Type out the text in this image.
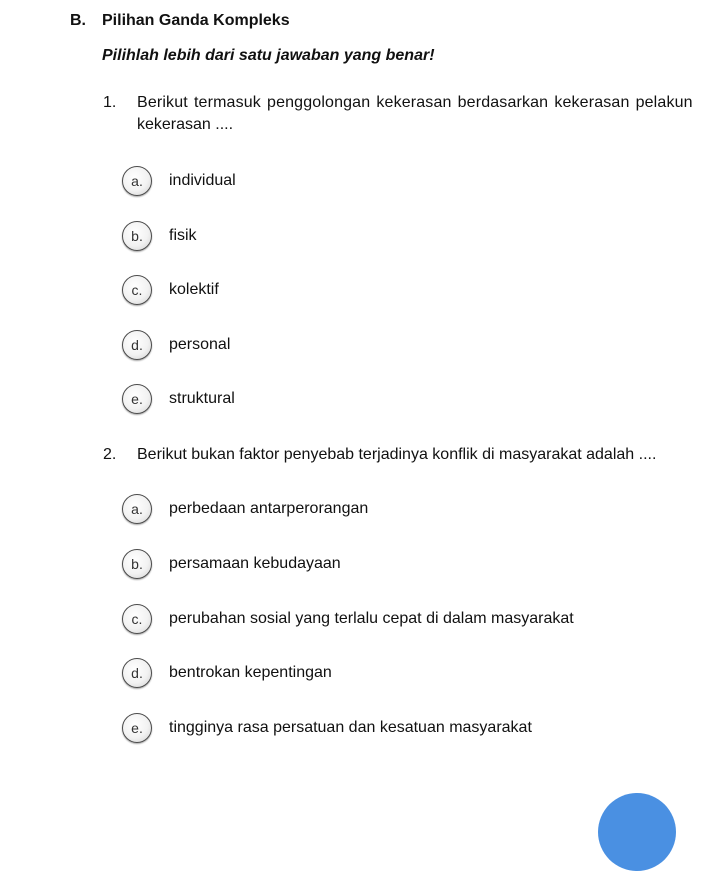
B. Pilihan Ganda Kompleks
Pilihlah lebih dari satu jawaban yang benar!
1. Berikut termasuk penggolongan kekerasan berdasarkan kekerasan pelakun
kekerasan ....
a.	individual
b.	fisik
c.	kolektif
d.	personal
e.	struktural
2. Berikut bukan faktor penyebab terjadinya konflik di masyarakat adalah ....
a.	perbedaan antarperorangan
b.	persamaan kebudayaan
c.	perubahan sosial yang terlalu cepat di dalam masyarakat
d.	bentrokan kepentingan
e.	tingginya rasa persatuan dan kesatuan masyarakat
